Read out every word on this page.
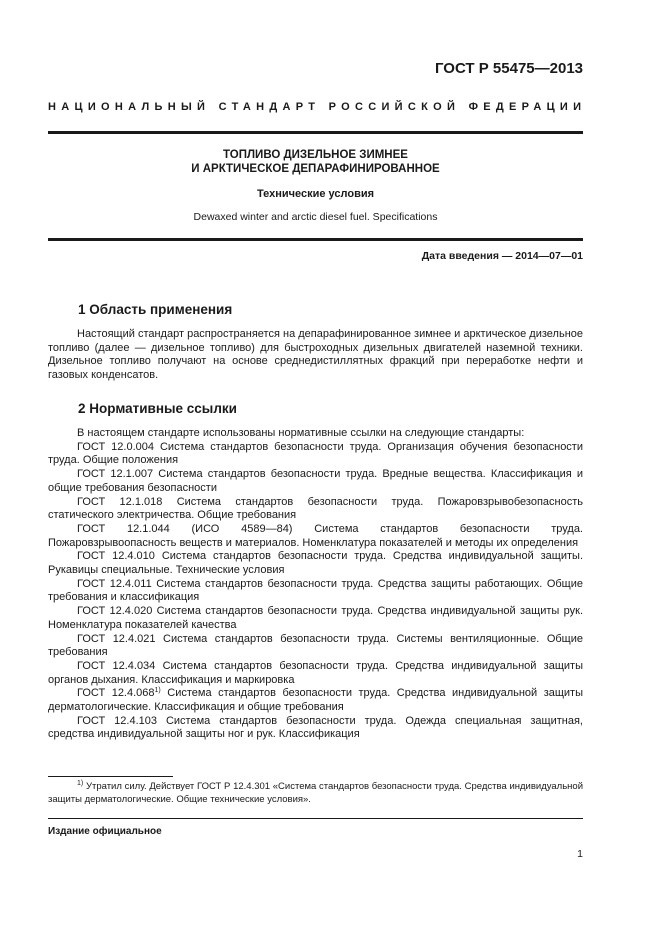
ГОСТ Р 55475—2013
НАЦИОНАЛЬНЫЙ СТАНДАРТ РОССИЙСКОЙ ФЕДЕРАЦИИ
ТОПЛИВО ДИЗЕЛЬНОЕ ЗИМНЕЕ
И АРКТИЧЕСКОЕ ДЕПАРАФИНИРОВАННОЕ
Технические условия
Dewaxed winter and arctic diesel fuel. Specifications
Дата введения — 2014—07—01
1 Область применения

Настоящий стандарт распространяется на депарафинированное зимнее и арктическое дизельное топливо (далее — дизельное топливо) для быстроходных дизельных двигателей наземной техники. Дизельное топливо получают на основе среднедистиллятных фракций при переработке нефти и газовых конденсатов.

2 Нормативные ссылки

В настоящем стандарте использованы нормативные ссылки на следующие стандарты:

ГОСТ 12.0.004 Система стандартов безопасности труда. Организация обучения безопасности труда. Общие положения

ГОСТ 12.1.007 Система стандартов безопасности труда. Вредные вещества. Классификация и общие требования безопасности

ГОСТ 12.1.018 Система стандартов безопасности труда. Пожаровзрывобезопасность статического электричества. Общие требования

ГОСТ 12.1.044 (ИСО 4589—84) Система стандартов безопасности труда. Пожаровзрывоопасность веществ и материалов. Номенклатура показателей и методы их определения

ГОСТ 12.4.010 Система стандартов безопасности труда. Средства индивидуальной защиты. Рукавицы специальные. Технические условия

ГОСТ 12.4.011 Система стандартов безопасности труда. Средства защиты работающих. Общие требования и классификация

ГОСТ 12.4.020 Система стандартов безопасности труда. Средства индивидуальной защиты рук. Номенклатура показателей качества

ГОСТ 12.4.021 Система стандартов безопасности труда. Системы вентиляционные. Общие требования

ГОСТ 12.4.034 Система стандартов безопасности труда. Средства индивидуальной защиты органов дыхания. Классификация и маркировка

ГОСТ 12.4.068$^{1)}$ Система стандартов безопасности труда. Средства индивидуальной защиты дерматологические. Классификация и общие требования

ГОСТ 12.4.103 Система стандартов безопасности труда. Одежда специальная защитная, средства индивидуальной защиты ног и рук. Классификация

$^{1)}$ Утратил силу. Действует ГОСТ Р 12.4.301 «Система стандартов безопасности труда. Средства индивидуальной защиты дерматологические. Общие технические условия».

Издание официальное
1
